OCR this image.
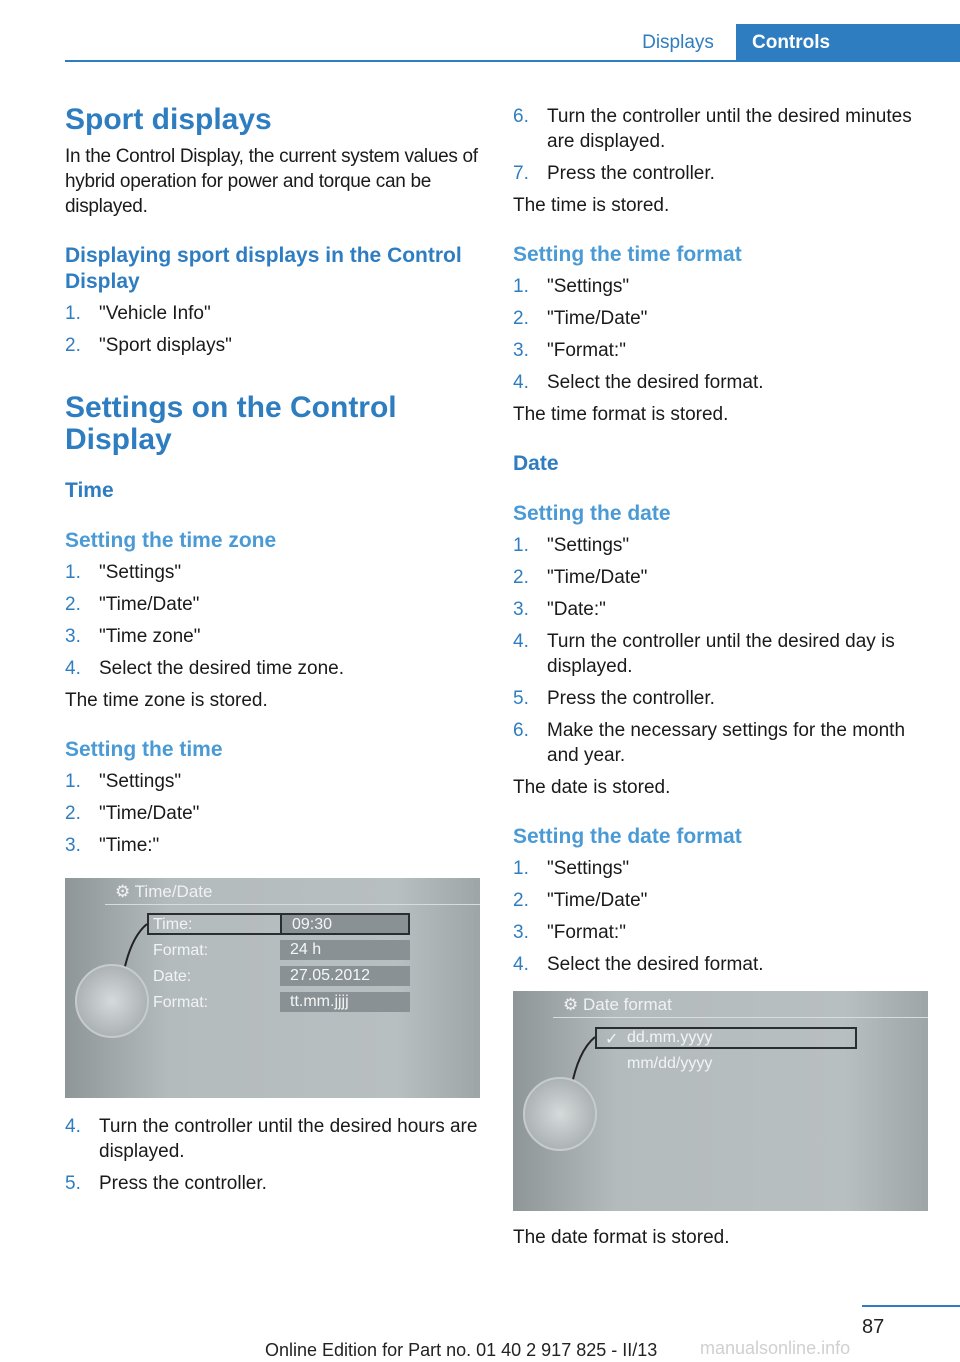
Displays	Controls
Sport displays
In the Control Display, the current system values of hybrid operation for power and torque can be displayed.
Displaying sport displays in the Control Display
1. "Vehicle Info"
2. "Sport displays"
Settings on the Control Display
Time
Setting the time zone
1. "Settings"
2. "Time/Date"
3. "Time zone"
4. Select the desired time zone.
The time zone is stored.
Setting the time
1. "Settings"
2. "Time/Date"
3. "Time:"
⚙ Time/Date
Time:	09:30
Format:	24 h
Date:	27.05.2012
Format:	tt.mm.jjjj
4. Turn the controller until the desired hours are displayed.
5. Press the controller.
6. Turn the controller until the desired minutes are displayed.
7. Press the controller.
The time is stored.
Setting the time format
1. "Settings"
2. "Time/Date"
3. "Format:"
4. Select the desired format.
The time format is stored.
Date
Setting the date
1. "Settings"
2. "Time/Date"
3. "Date:"
4. Turn the controller until the desired day is displayed.
5. Press the controller.
6. Make the necessary settings for the month and year.
The date is stored.
Setting the date format
1. "Settings"
2. "Time/Date"
3. "Format:"
4. Select the desired format.
⚙ Date format
✓ dd.mm.yyyy
mm/dd/yyyy
The date format is stored.
87
Online Edition for Part no. 01 40 2 917 825 - II/13 manualsonline.info
